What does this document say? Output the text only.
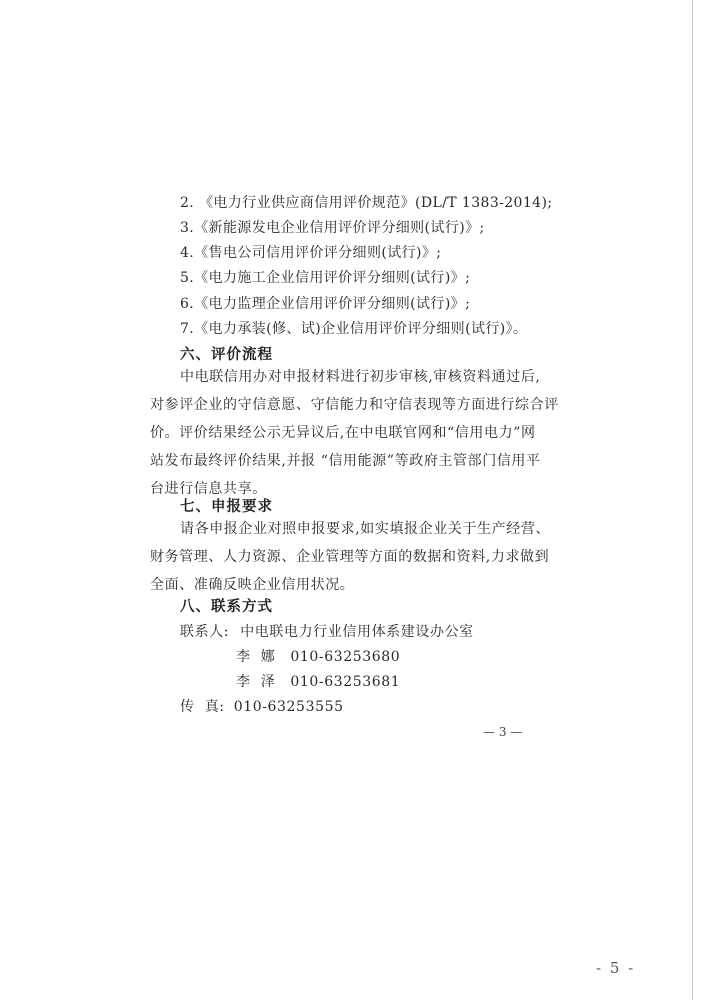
2. 《电力行业供应商信用评价规范》(DL/T 1383-2014);
3.《新能源发电企业信用评价评分细则(试行)》;
4.《售电公司信用评价评分细则(试行)》;
5.《电力施工企业信用评价评分细则(试行)》;
6.《电力监理企业信用评价评分细则(试行)》;
7.《电力承装(修、试)企业信用评价评分细则(试行)》。
六、评价流程

中电联信用办对申报材料进行初步审核,审核资料通过后,

对参评企业的守信意愿、守信能力和守信表现等方面进行综合评

价。评价结果经公示无异议后,在中电联官网和“信用电力”网

站发布最终评价结果,并报 “信用能源”等政府主管部门信用平

台进行信息共享。

七、申报要求

请各申报企业对照申报要求,如实填报企业关于生产经营、

财务管理、人力资源、企业管理等方面的数据和资料,力求做到

全面、准确反映企业信用状况。

八、联系方式
联系人: 中电联电力行业信用体系建设办公室
李  娜 010-63253680
李  泽 010-63253681
传  真: 010-63253555
— 3 —
- 5 -
